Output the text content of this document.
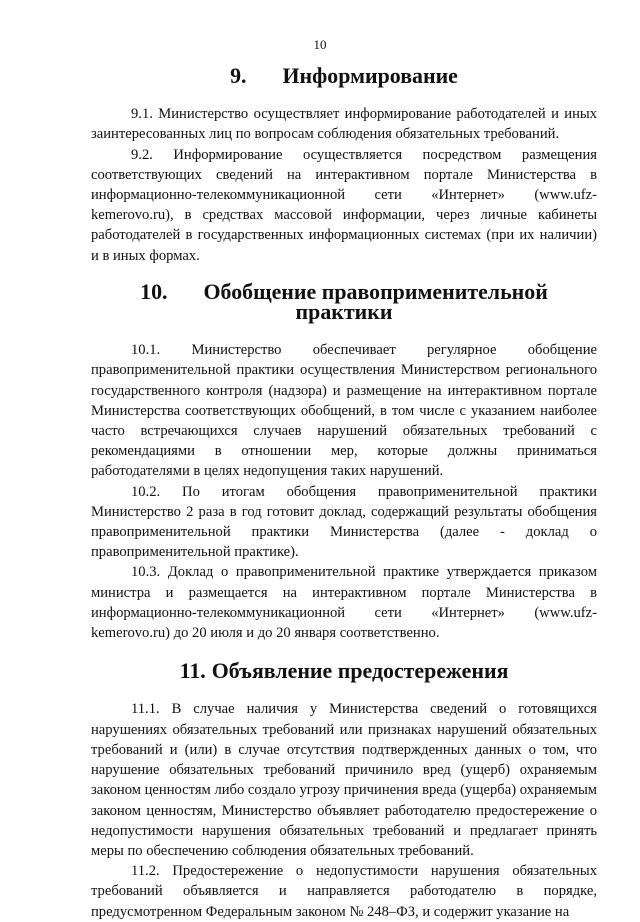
10
9. Информирование

9.1. Министерство осуществляет информирование работодателей и иных заинтересованных лиц по вопросам соблюдения обязательных требований.

9.2. Информирование осуществляется посредством размещения соответствующих сведений на интерактивном портале Министерства в информационно-телекоммуникационной сети «Интернет» (www.ufz-kemerovo.ru), в средствах массовой информации, через личные кабинеты работодателей в государственных информационных системах (при их наличии) и в иных формах.

10. Обобщение правоприменительной практики

10.1. Министерство обеспечивает регулярное обобщение правоприменительной практики осуществления Министерством регионального государственного контроля (надзора) и размещение на интерактивном портале Министерства соответствующих обобщений, в том числе с указанием наиболее часто встречающихся случаев нарушений обязательных требований с рекомендациями в отношении мер, которые должны приниматься работодателями в целях недопущения таких нарушений.

10.2. По итогам обобщения правоприменительной практики Министерство 2 раза в год готовит доклад, содержащий результаты обобщения правоприменительной практики Министерства (далее - доклад о правоприменительной практике).

10.3. Доклад о правоприменительной практике утверждается приказом министра и размещается на интерактивном портале Министерства в информационно-телекоммуникационной сети «Интернет» (www.ufz-kemerovo.ru) до 20 июля и до 20 января соответственно.

11. Объявление предостережения

11.1. В случае наличия у Министерства сведений о готовящихся нарушениях обязательных требований или признаках нарушений обязательных требований и (или) в случае отсутствия подтвержденных данных о том, что нарушение обязательных требований причинило вред (ущерб) охраняемым законом ценностям либо создало угрозу причинения вреда (ущерба) охраняемым законом ценностям, Министерство объявляет работодателю предостережение о недопустимости нарушения обязательных требований и предлагает принять меры по обеспечению соблюдения обязательных требований.

11.2. Предостережение о недопустимости нарушения обязательных требований объявляется и направляется работодателю в порядке, предусмотренном Федеральным законом № 248–ФЗ, и содержит указание на
